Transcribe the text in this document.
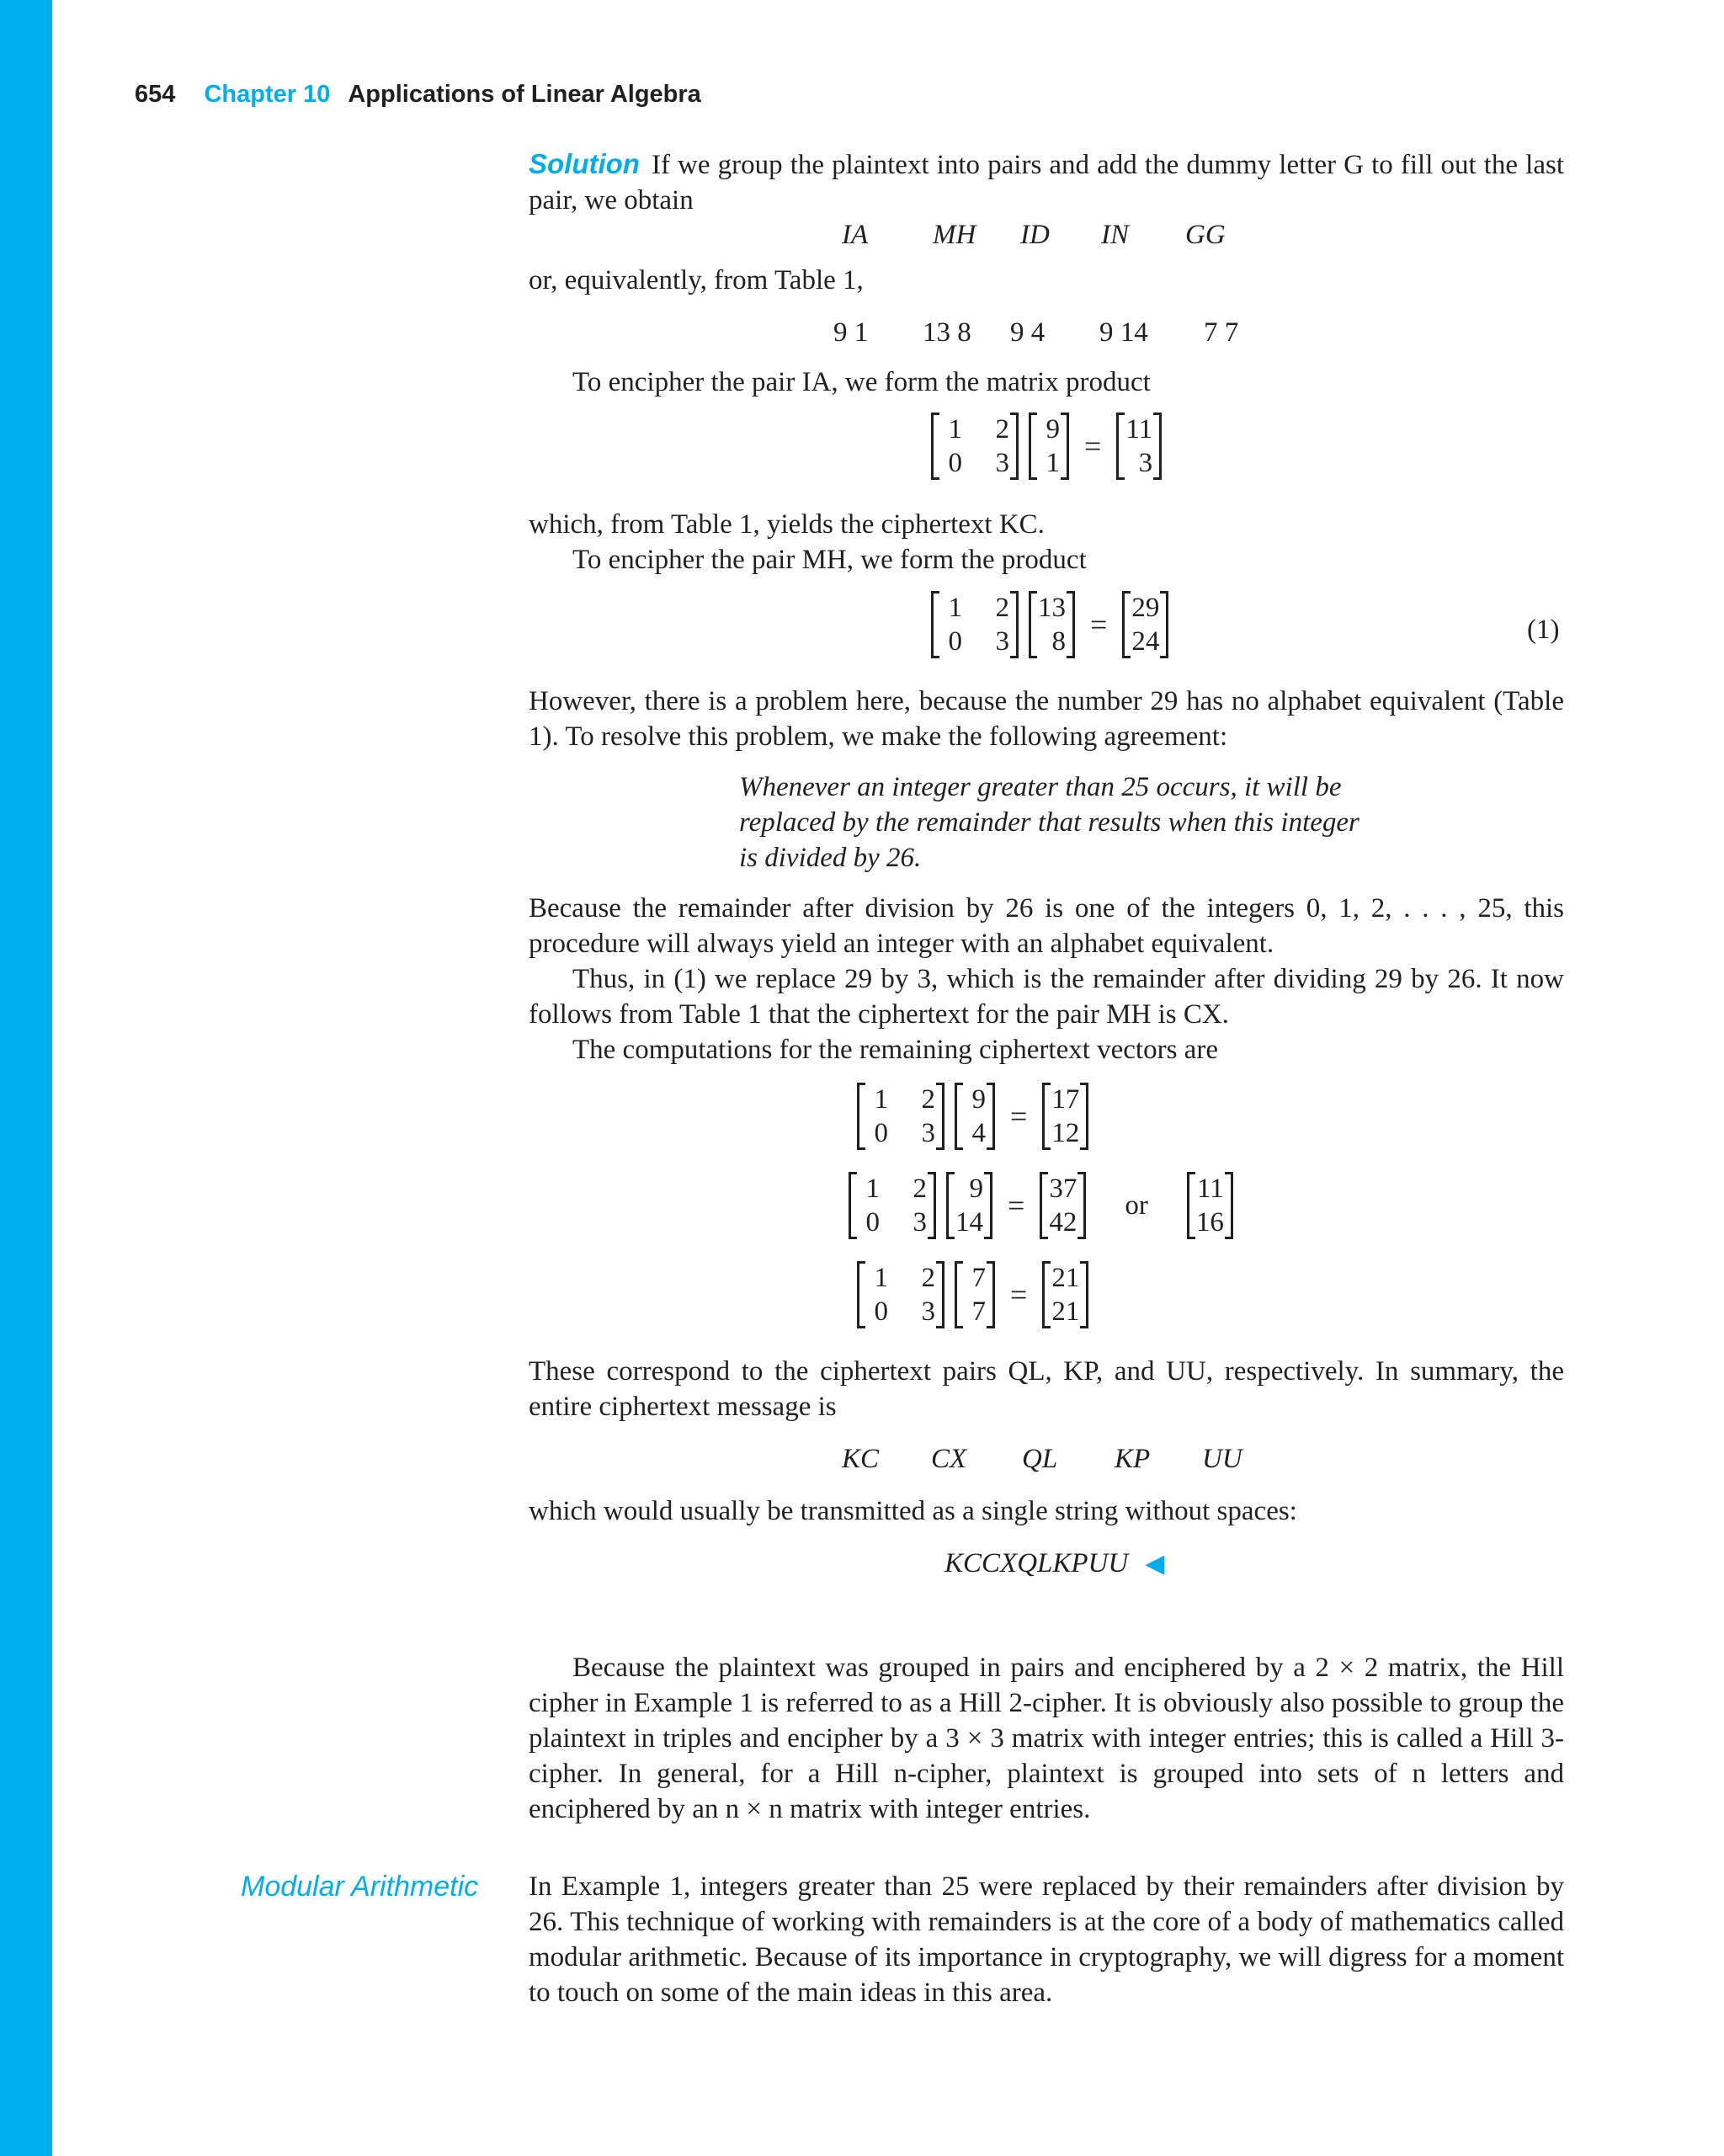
654 Chapter 10 Applications of Linear Algebra

Solution If we group the plaintext into pairs and add the dummy letter G to fill out the last pair, we obtain

IA MH ID IN GG

or, equivalently, from Table 1,

9 1 13 8 9 4 9 14 7 7

To encipher the pair IA, we form the matrix product

1 2
0 3
9
1 = 11
3

which, from Table 1, yields the ciphertext KC.

To encipher the pair MH, we form the product

1 2
0 3
13
8 = 29
24	(1)

However, there is a problem here, because the number 29 has no alphabet equivalent (Table 1). To resolve this problem, we make the following agreement:

Whenever an integer greater than 25 occurs, it will be replaced by the remainder that results when this integer is divided by 26.

Because the remainder after division by 26 is one of the integers 0, 1, 2, . . . , 25, this procedure will always yield an integer with an alphabet equivalent.

Thus, in (1) we replace 29 by 3, which is the remainder after dividing 29 by 26. It now follows from Table 1 that the ciphertext for the pair MH is CX.

The computations for the remaining ciphertext vectors are

1 2
0 3
9
4 = 17
12
1 2
0 3
9
14 = 37
42
or
11
16
1 2
0 3
7
7 = 21
21

These correspond to the ciphertext pairs QL, KP, and UU, respectively. In summary, the entire ciphertext message is

KC CX QL KP UU

which would usually be transmitted as a single string without spaces:

KCCXQLKPUU ◀

Because the plaintext was grouped in pairs and enciphered by a 2 × 2 matrix, the Hill cipher in Example 1 is referred to as a Hill 2-cipher. It is obviously also possible to group the plaintext in triples and encipher by a 3 × 3 matrix with integer entries; this is called a Hill 3-cipher. In general, for a Hill n-cipher, plaintext is grouped into sets of n letters and enciphered by an n × n matrix with integer entries.

Modular Arithmetic In Example 1, integers greater than 25 were replaced by their remainders after division by 26. This technique of working with remainders is at the core of a body of mathematics called modular arithmetic. Because of its importance in cryptography, we will digress for a moment to touch on some of the main ideas in this area.
